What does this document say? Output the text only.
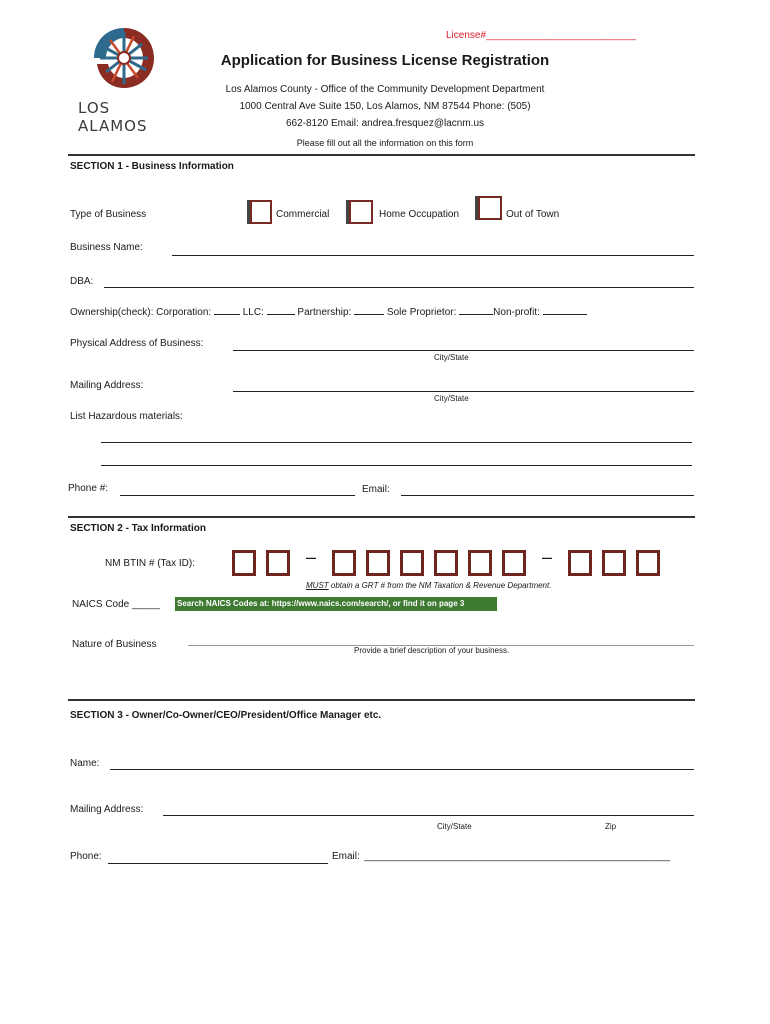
License#___________________________
LOS ALAMOS
Application for Business License Registration
Los Alamos County - Office of the Community Development Department
1000 Central Ave Suite 150, Los Alamos, NM 87544 Phone: (505)
662-8120 Email: andrea.fresquez@lacnm.us
Please fill out all the information on this form
SECTION 1 - Business Information
Type of Business	Commercial	Home Occupation	Out of Town
Business Name:
DBA:
Ownership(check): Corporation:	LLC:	Partnership:	Sole Proprietor:	Non-profit:
Physical Address of Business:
City/State
Mailing Address:
City/State
List Hazardous materials:
Phone #:	Email:
SECTION 2 - Tax Information
NM BTIN # (Tax ID):	–	–
MUST obtain a GRT # from the NM Taxation & Revenue Department.
NAICS Code _____ Search NAICS Codes at: https://www.naics.com/search/, or find it on page 3
Nature of Business
Provide a brief description of your business.
SECTION 3 - Owner/Co-Owner/CEO/President/Office Manager etc.
Name:
Mailing Address:
City/State	Zip
Phone:	Email: _______________________________________________________
